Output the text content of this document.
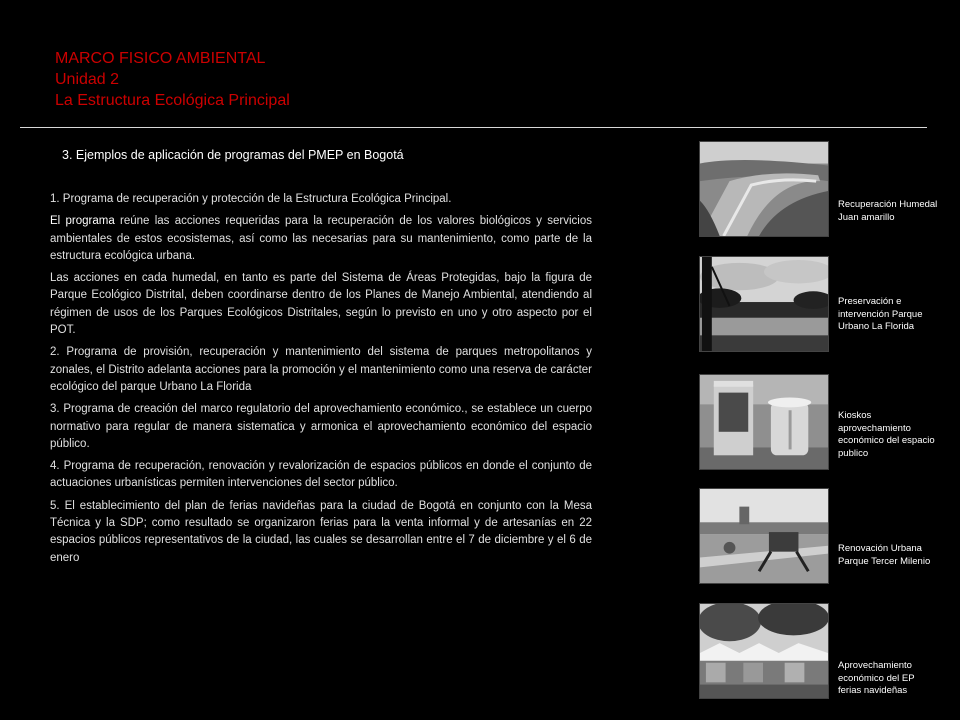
MARCO FISICO AMBIENTAL
Unidad 2
La Estructura Ecológica Principal
3. Ejemplos de aplicación de programas del PMEP en Bogotá

1. Programa de recuperación y protección de la Estructura Ecológica Principal.

El programa reúne las acciones requeridas para la recuperación de los valores biológicos y servicios ambientales de estos ecosistemas, así como las necesarias para su mantenimiento, como parte de la estructura ecológica urbana.

Las acciones en cada humedal, en tanto es parte del Sistema de Áreas Protegidas, bajo la figura de Parque Ecológico Distrital, deben coordinarse dentro de los Planes de Manejo Ambiental, atendiendo al régimen de usos de los Parques Ecológicos Distritales, según lo previsto en uno y otro aspecto por el POT.

2. Programa de provisión, recuperación y mantenimiento del sistema de parques metropolitanos y zonales, el Distrito adelanta acciones para la promoción y el mantenimiento como una reserva de carácter ecológico del parque Urbano La Florida

3. Programa de creación del marco regulatorio del aprovechamiento económico., se establece un cuerpo normativo para regular de manera sistematica y armonica el aprovechamiento económico del espacio público.

4. Programa de recuperación, renovación y revalorización de espacios públicos en donde el conjunto de actuaciones urbanísticas permiten intervenciones del sector público.

5. El establecimiento del plan de ferias navideñas para la ciudad de Bogotá en conjunto con la Mesa Técnica y la SDP; como resultado se organizaron ferias para la venta informal y de artesanías en 22 espacios públicos representativos de la ciudad, las cuales se desarrollan entre el 7 de diciembre y el 6 de enero

Recuperación Humedal Juan amarillo
Preservación e intervención Parque Urbano La Florida
Kioskos aprovechamiento económico del espacio publico
Renovación Urbana Parque Tercer Milenio
Aprovechamiento económico del EP ferias navideñas
